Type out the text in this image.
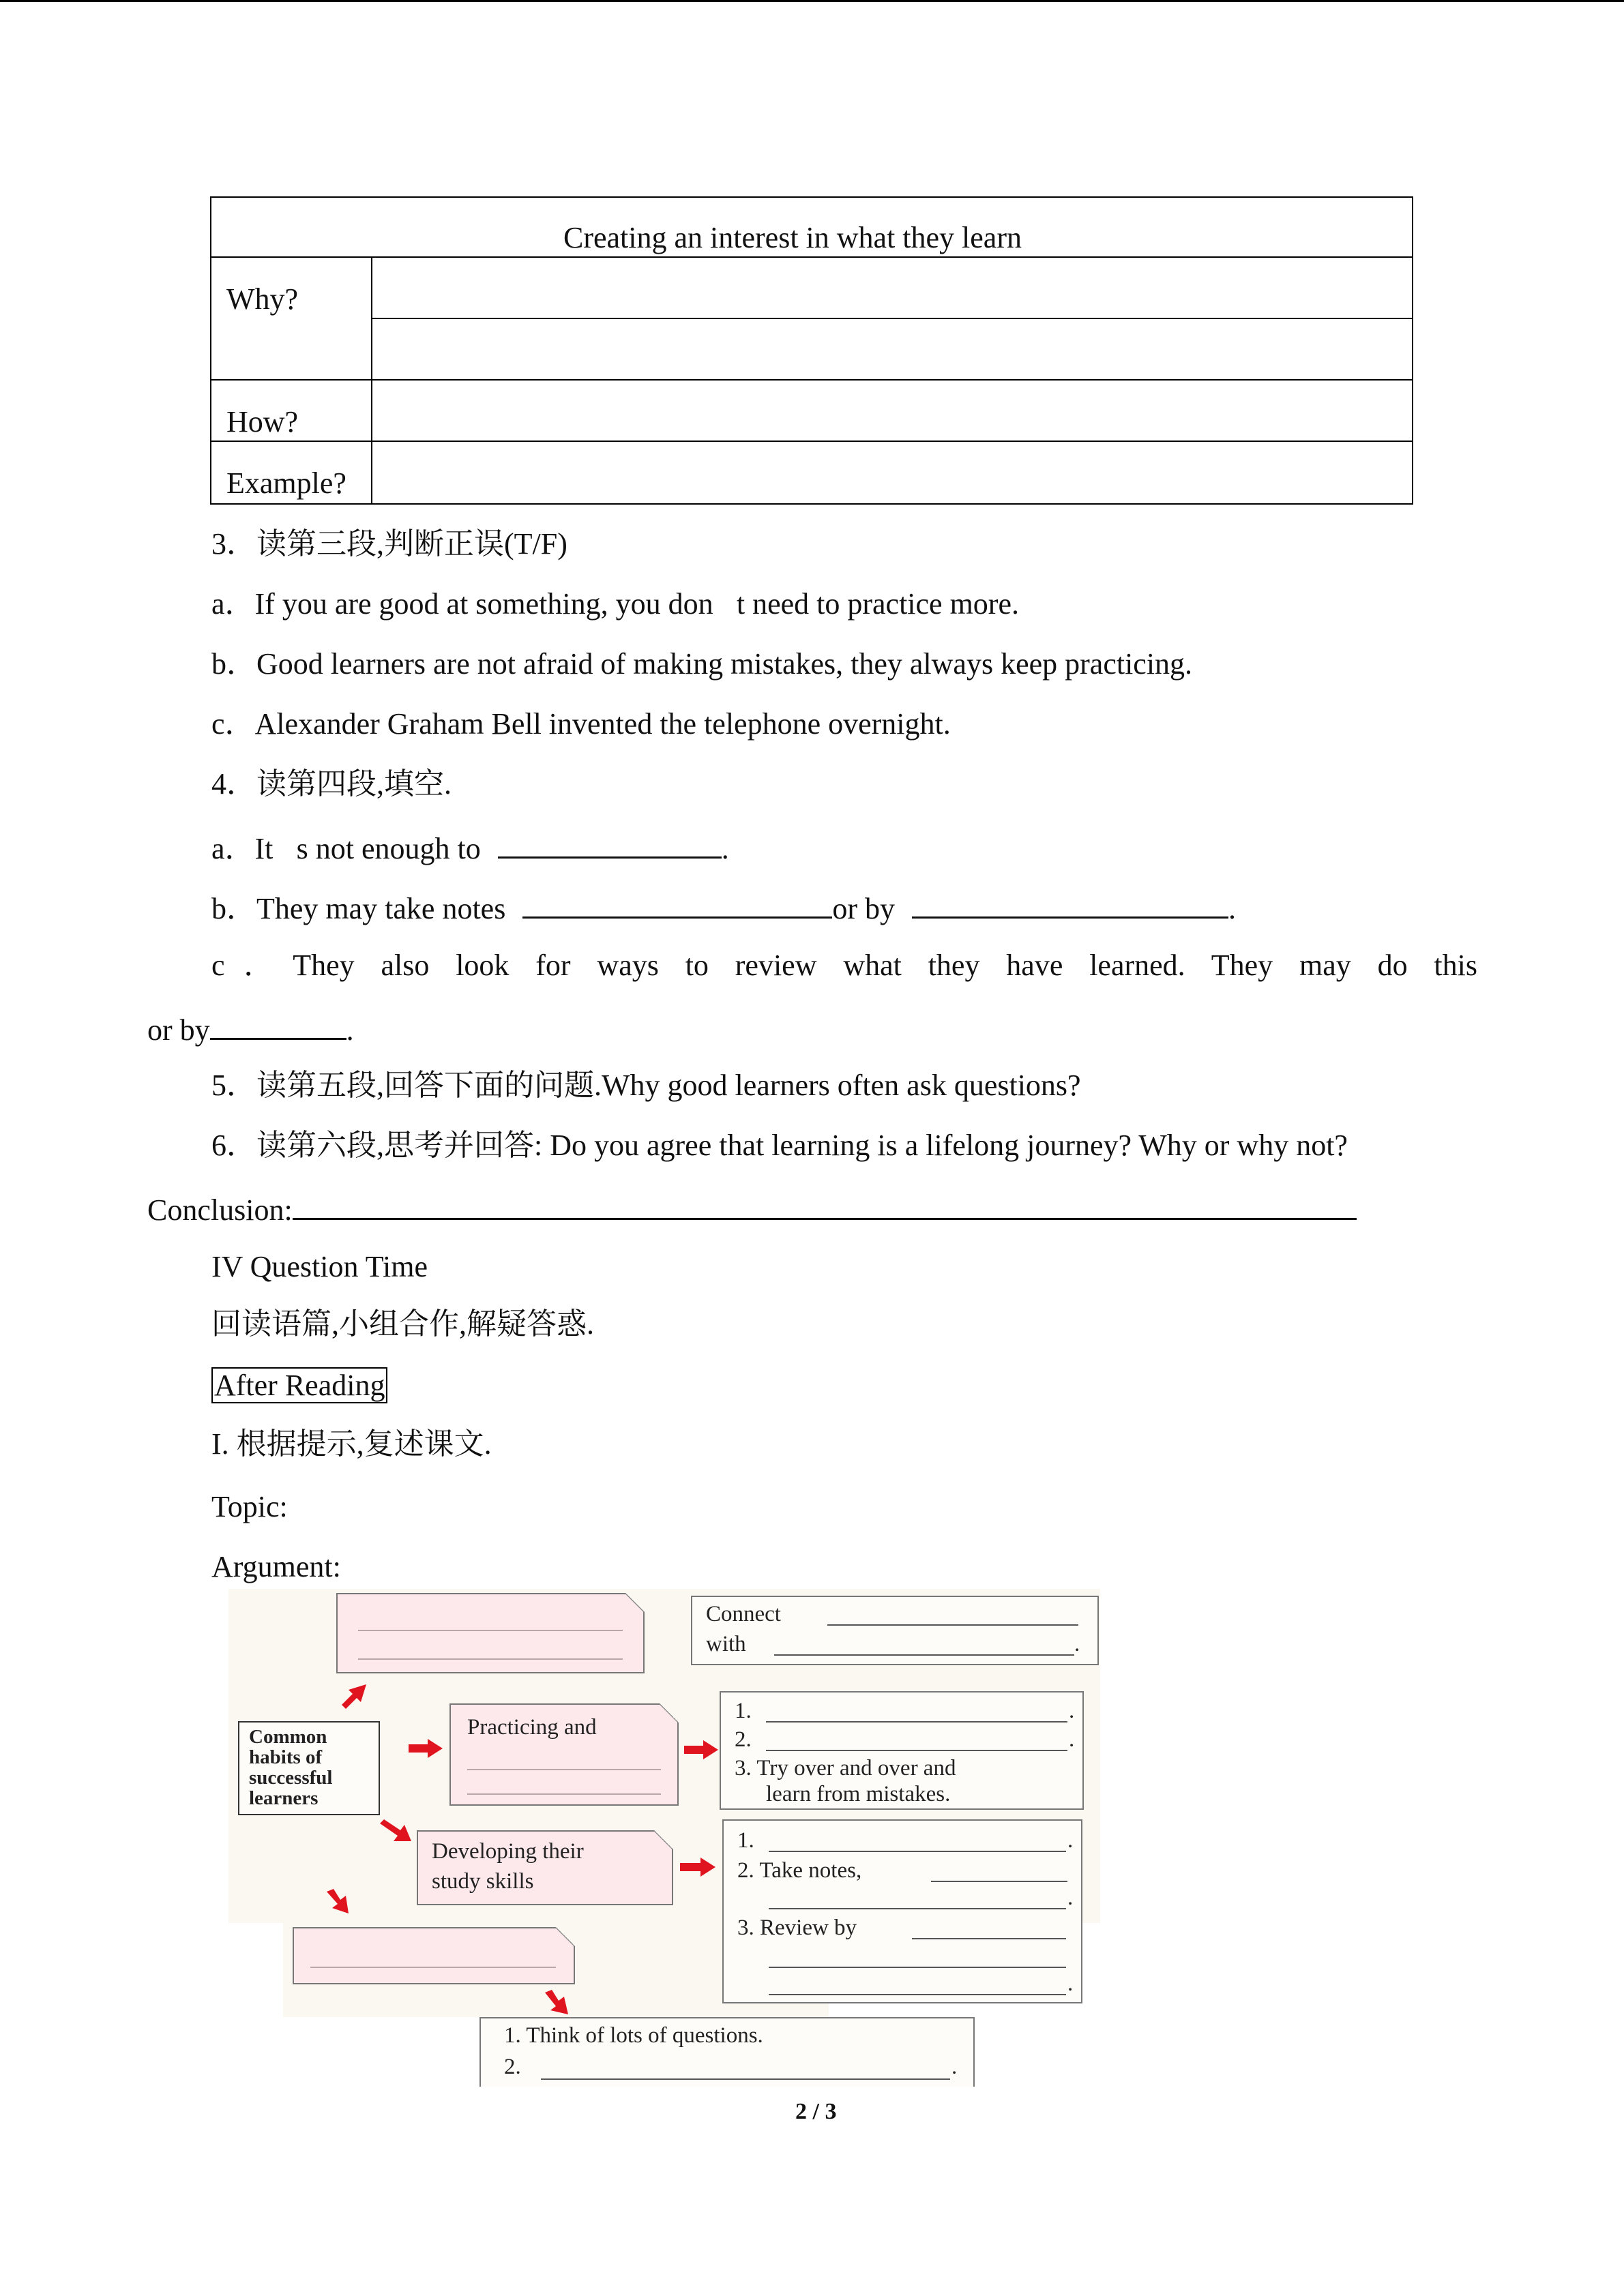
Creating an interest in what they learn
Why?
How?
Example?
3．读第三段,判断正误(T/F)
a．If you are good at something, you don t need to practice more.
b．Good learners are not afraid of making mistakes, they always keep practicing.
c．Alexander Graham Bell invented the telephone overnight.
4．读第四段,填空.
a．It s not enough to	.
b．They may take notes	or by	.
c．They also look for ways to review what they have learned. They may do this
or by	.
5．读第五段,回答下面的问题.Why good learners often ask questions?
6．读第六段,思考并回答: Do you agree that learning is a lifelong journey? Why or why not?
Conclusion:
IV Question Time
回读语篇,小组合作,解疑答惑.
After Reading
I. 根据提示,复述课文.
Topic:
Argument:
Connect
with	.
Common
habits of
successful
learners
Practicing and
1.	.
2.	.
3. Try over and over and
learn from mistakes.
Developing their
study skills
1.	.
2. Take notes,
.
3. Review by
.
1. Think of lots of questions.
2.	.
2 / 3
